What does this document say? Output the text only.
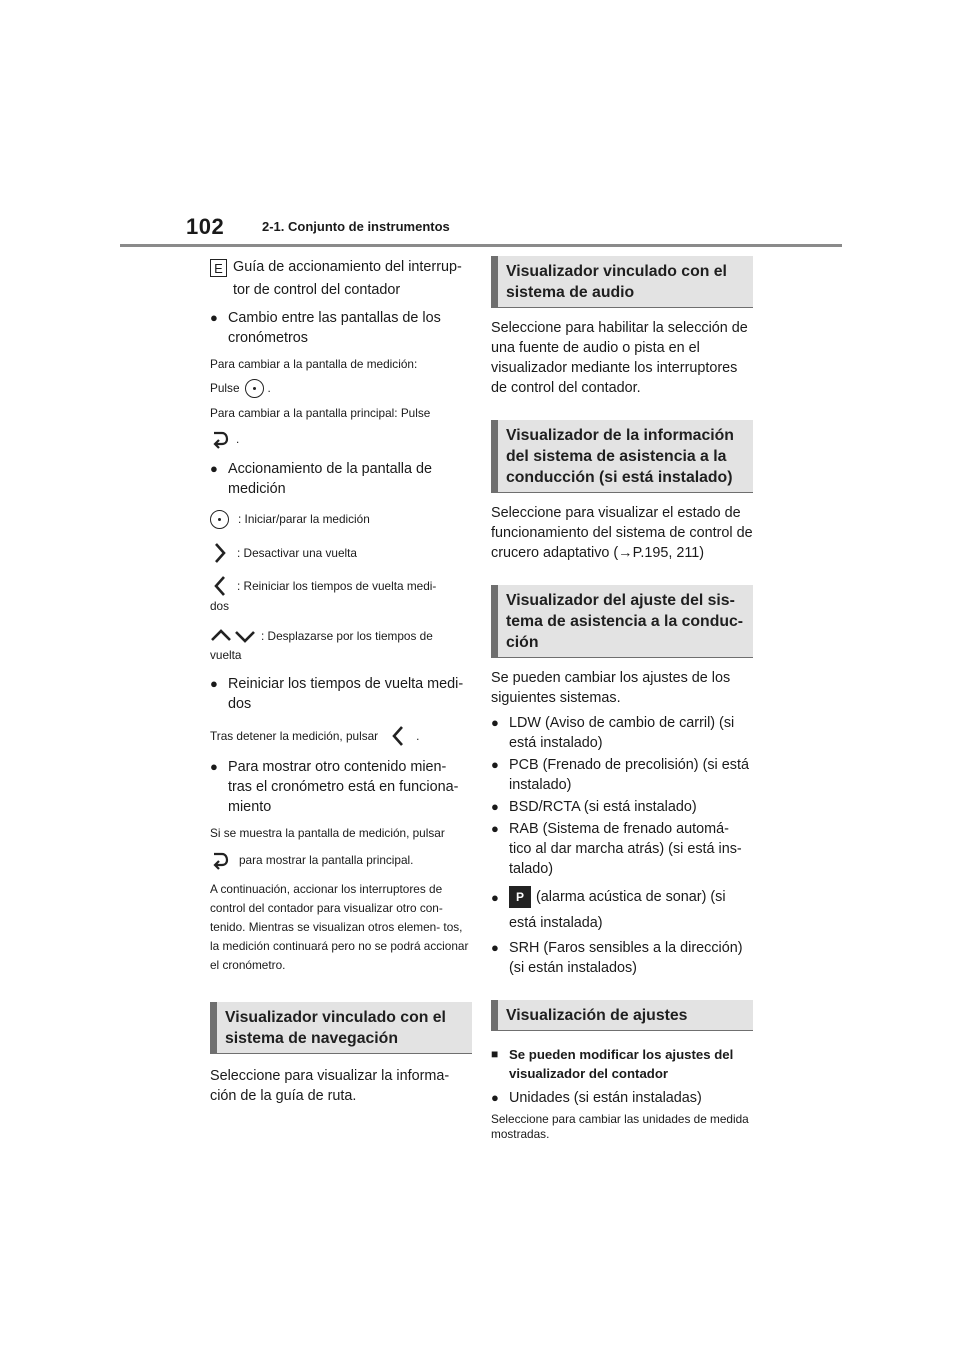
102	2-1. Conjunto de instrumentos
E Guía de accionamiento del interrup-
tor de control del contador
● Cambio entre las pantallas de los cronómetros
Para cambiar a la pantalla de medición:
Pulse .
Para cambiar a la pantalla principal: Pulse
.
● Accionamiento de la pantalla de medición
: Iniciar/parar la medición
: Desactivar una vuelta
: Reiniciar los tiempos de vuelta medi-
dos
: Desplazarse por los tiempos de
vuelta
● Reiniciar los tiempos de vuelta medi- dos
Tras detener la medición, pulsar	.
● Para mostrar otro contenido mien- tras el cronómetro está en funciona- miento
Si se muestra la pantalla de medición, pulsar
para mostrar la pantalla principal.
A continuación, accionar los interruptores de control del contador para visualizar otro con- tenido. Mientras se visualizan otros elemen- tos, la medición continuará pero no se podrá accionar el cronómetro.
Visualizador vinculado con el sistema de navegación
Seleccione para visualizar la informa- ción de la guía de ruta.
Visualizador vinculado con el sistema de audio
Seleccione para habilitar la selección de una fuente de audio o pista en el visualizador mediante los interruptores de control del contador.
Visualizador de la información del sistema de asistencia a la conducción (si está instalado)
Seleccione para visualizar el estado de funcionamiento del sistema de control de crucero adaptativo (→P.195, 211)
Visualizador del ajuste del sis- tema de asistencia a la conduc- ción
Se pueden cambiar los ajustes de los siguientes sistemas.
● LDW (Aviso de cambio de carril) (si está instalado)
● PCB (Frenado de precolisión) (si está instalado)
● BSD/RCTA (si está instalado)
● RAB (Sistema de frenado automá- tico al dar marcha atrás) (si está ins- talado)
●	P (alarma acústica de sonar) (si está instalada)
● SRH (Faros sensibles a la dirección) (si están instalados)
Visualización de ajustes
■ Se pueden modificar los ajustes del visualizador del contador
● Unidades (si están instaladas)
Seleccione para cambiar las unidades de medida mostradas.
